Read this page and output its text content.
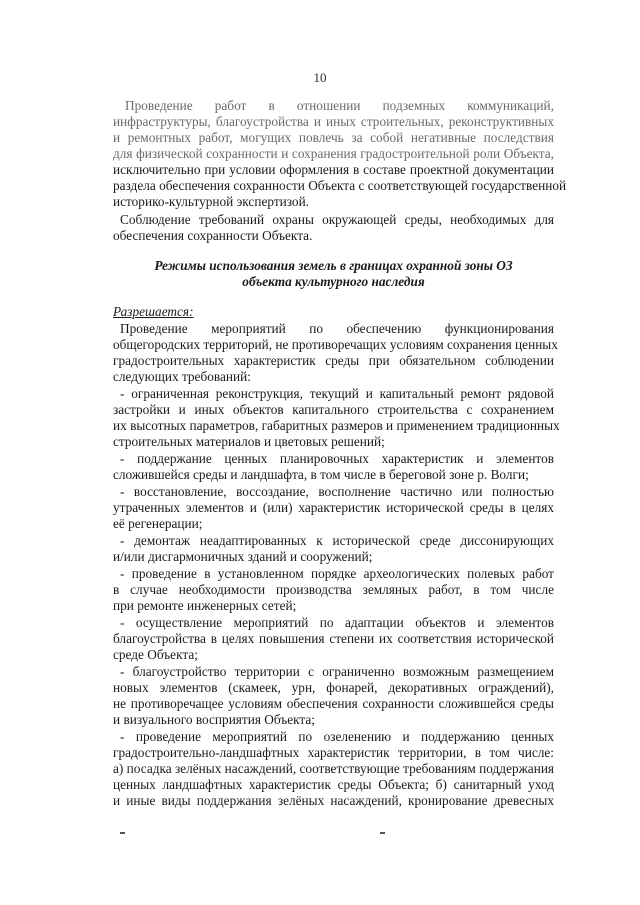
10
Проведение работ в отношении подземных коммуникаций,
инфраструктуры, благоустройства и иных строительных, реконструктивных
и ремонтных работ, могущих повлечь за собой негативные последствия
для физической сохранности и сохранения градостроительной роли Объекта,
исключительно при условии оформления в составе проектной документации
раздела обеспечения сохранности Объекта с соответствующей государственной
историко-культурной экспертизой.
Соблюдение требований охраны окружающей среды, необходимых для
обеспечения сохранности Объекта.
Режимы использования земель в границах охранной зоны ОЗ
объекта культурного наследия
Разрешается:
Проведение мероприятий по обеспечению функционирования
общегородских территорий, не противоречащих условиям сохранения ценных
градостроительных характеристик среды при обязательном соблюдении
следующих требований:
- ограниченная реконструкция, текущий и капитальный ремонт рядовой
застройки и иных объектов капитального строительства с сохранением
их высотных параметров, габаритных размеров и применением традиционных
строительных материалов и цветовых решений;
- поддержание ценных планировочных характеристик и элементов
сложившейся среды и ландшафта, в том числе в береговой зоне р. Волги;
- восстановление, воссоздание, восполнение частично или полностью
утраченных элементов и (или) характеристик исторической среды в целях
её регенерации;
- демонтаж неадаптированных к исторической среде диссонирующих
и/или дисгармоничных зданий и сооружений;
- проведение в установленном порядке археологических полевых работ
в случае необходимости производства земляных работ, в том числе
при ремонте инженерных сетей;
- осуществление мероприятий по адаптации объектов и элементов
благоустройства в целях повышения степени их соответствия исторической
среде Объекта;
- благоустройство территории с ограниченно возможным размещением
новых элементов (скамеек, урн, фонарей, декоративных ограждений),
не противоречащее условиям обеспечения сохранности сложившейся среды
и визуального восприятия Объекта;
- проведение мероприятий по озеленению и поддержанию ценных
градостроительно-ландшафтных характеристик территории, в том числе:
а) посадка зелёных насаждений, соответствующие требованиям поддержания
ценных ландшафтных характеристик среды Объекта; б) санитарный уход
и иные виды поддержания зелёных насаждений, кронирование древесных
